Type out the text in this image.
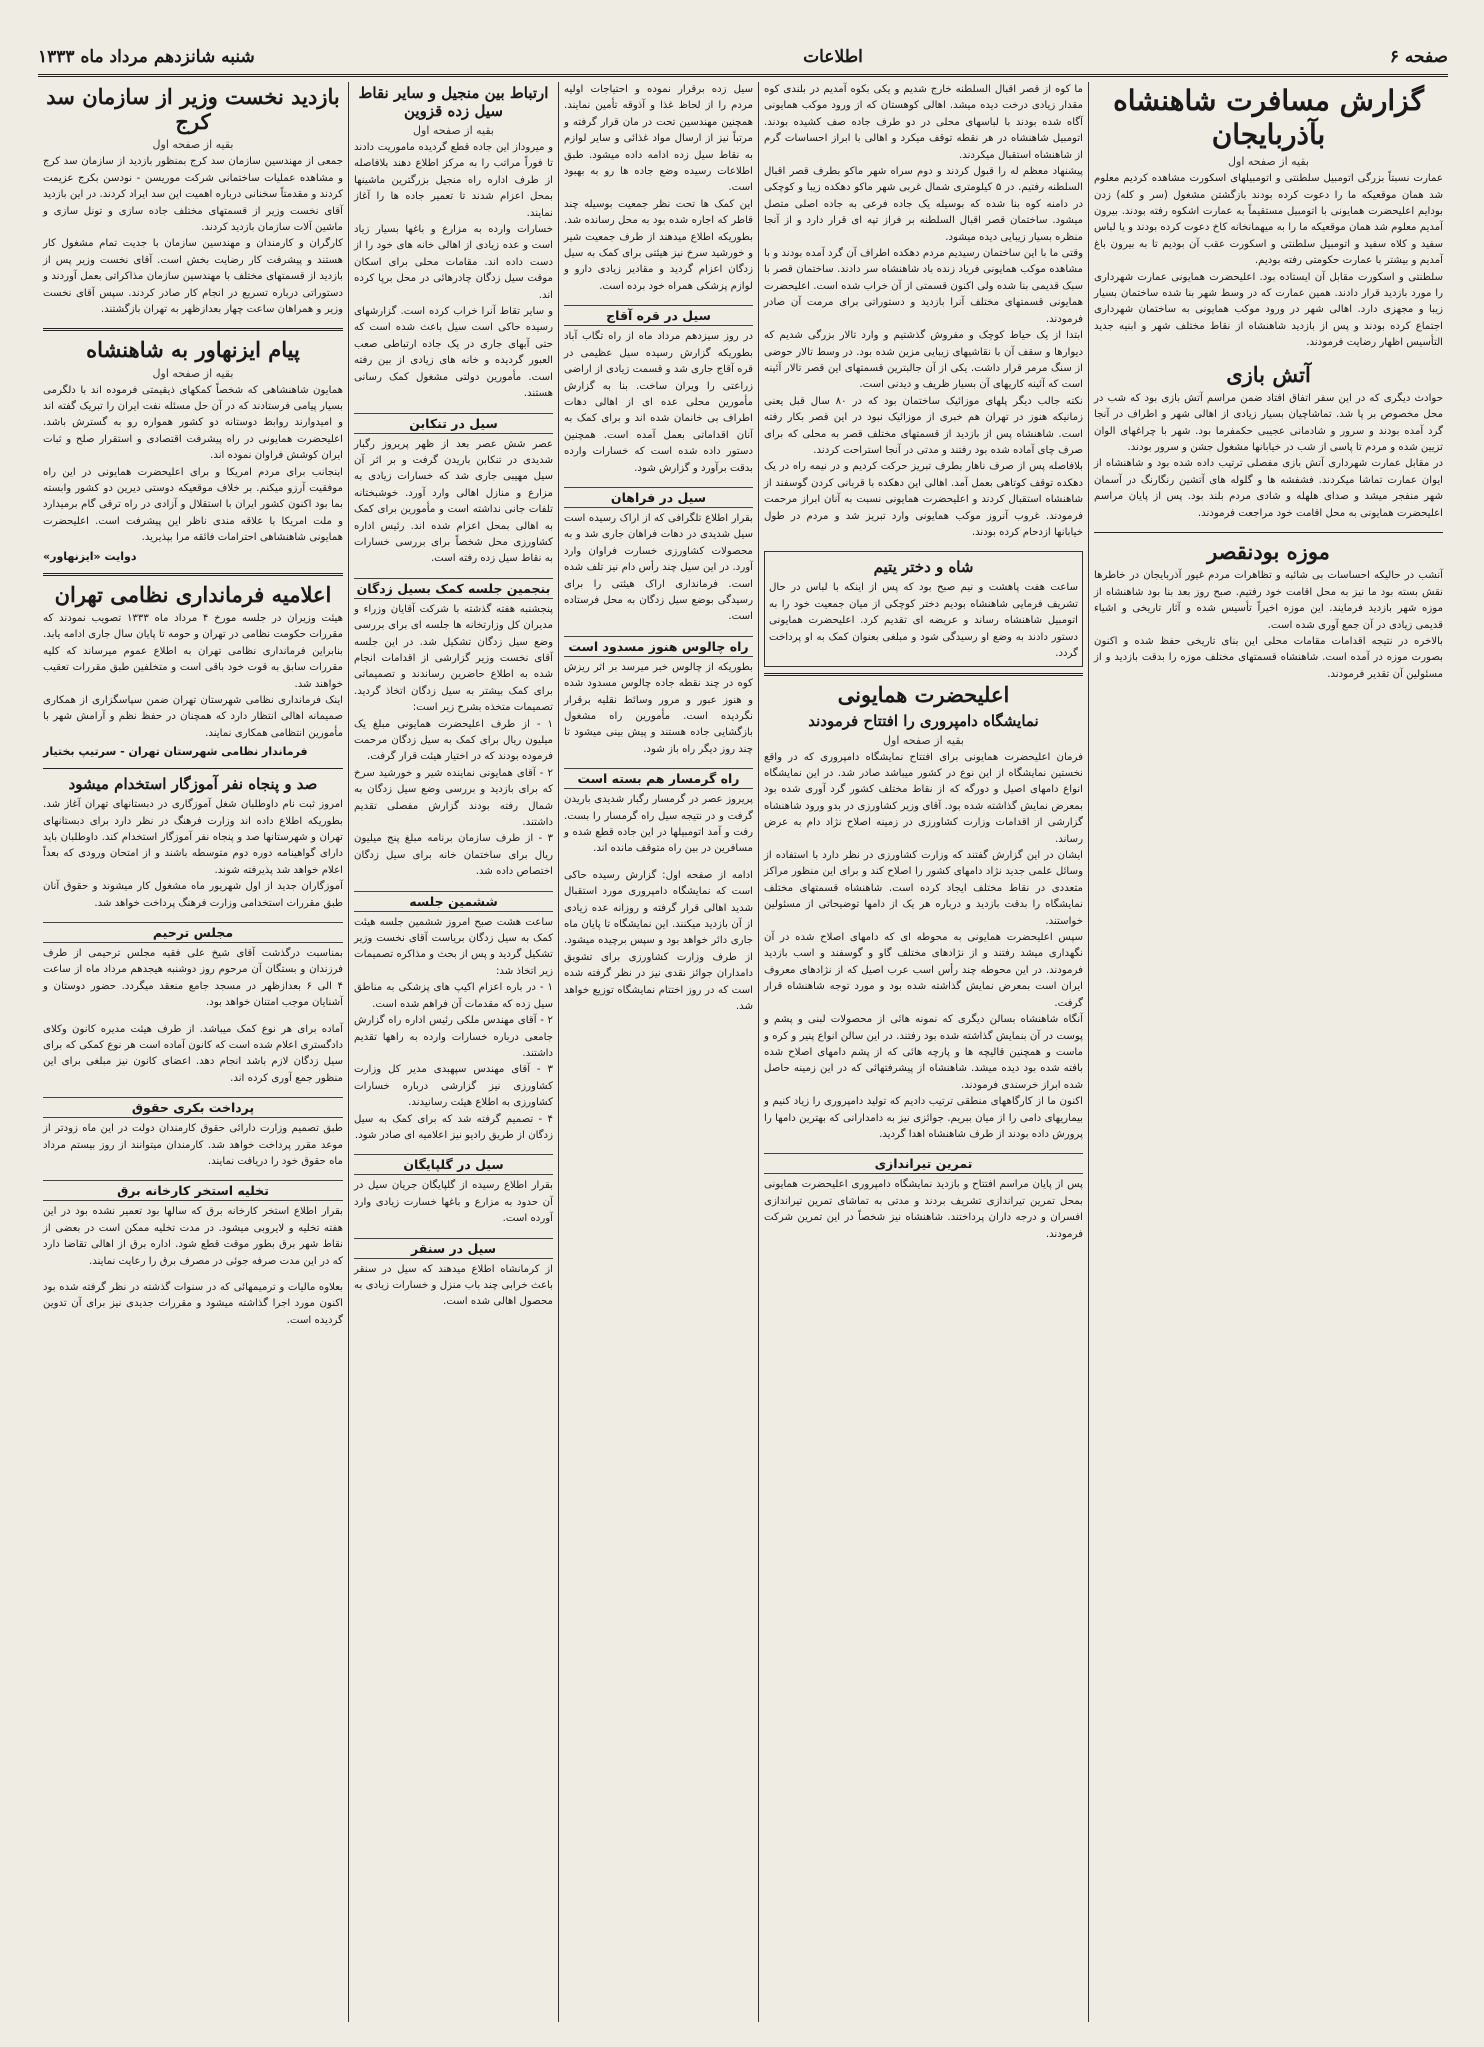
صفحه ۶
اطلاعات
شنبه شانزدهم مرداد ماه ۱۳۳۳
گزارش مسافرت شاهنشاه بآذربایجان
بقیه از صفحه اول

عمارت نسبتاً بزرگی اتومبیل سلطنتی و اتومبیلهای اسکورت مشاهده کردیم معلوم شد همان موقعیکه ما را دعوت کرده بودند بازگشتن مشغول (سر و کله) زدن بودایم اعلیحضرت همایونی با اتومبیل مستقیماً به عمارت اشکوه رفته بودند. بیرون آمدیم معلوم شد همان موقعیکه ما را به میهمانخانه کاخ دعوت کرده بودند و یا لباس سفید و کلاه سفید و اتومبیل سلطنتی و اسکورت عقب آن بودیم تا به بیرون باغ آمدیم و بیشتر با عمارت حکومتی رفته بودیم.

سلطنتی و اسکورت مقابل آن ایستاده بود. اعلیحضرت همایونی عمارت شهرداری را مورد بازدید قرار دادند. همین عمارت که در وسط شهر بنا شده ساختمان بسیار زیبا و مجهزی دارد. اهالی شهر در ورود موکب همایونی به ساختمان شهرداری اجتماع کرده بودند و پس از بازدید شاهنشاه از نقاط مختلف شهر و ابنیه جدید التأسیس اظهار رضایت فرمودند.

آتش بازی

حوادث دیگری که در این سفر اتفاق افتاد ضمن مراسم آتش بازی بود که شب در محل مخصوص بر پا شد. تماشاچیان بسیار زیادی از اهالی شهر و اطراف در آنجا گرد آمده بودند و سرور و شادمانی عجیبی حکمفرما بود. شهر با چراغهای الوان تزیین شده و مردم تا پاسی از شب در خیابانها مشغول جشن و سرور بودند.

در مقابل عمارت شهرداری آتش بازی مفصلی ترتیب داده شده بود و شاهنشاه از ایوان عمارت تماشا میکردند. فشفشه ها و گلوله های آتشین رنگارنگ در آسمان شهر منفجر میشد و صدای هلهله و شادی مردم بلند بود. پس از پایان مراسم اعلیحضرت همایونی به محل اقامت خود مراجعت فرمودند.

موزه بودنقصر

آنشب در حالیکه احساسات بی شائبه و تظاهرات مردم غیور آذربایجان در خاطرها نقش بسته بود ما نیز به محل اقامت خود رفتیم. صبح روز بعد بنا بود شاهنشاه از موزه شهر بازدید فرمایند. این موزه اخیراً تأسیس شده و آثار تاریخی و اشیاء قدیمی زیادی در آن جمع آوری شده است.

بالاخره در نتیجه اقدامات مقامات محلی این بنای تاریخی حفظ شده و اکنون بصورت موزه در آمده است. شاهنشاه قسمتهای مختلف موزه را بدقت بازدید و از مسئولین آن تقدیر فرمودند.

ما کوه از قصر اقبال السلطنه خارج شدیم و یکی بکوه آمدیم در بلندی کوه مقدار زیادی درخت دیده میشد. اهالی کوهستان که از ورود موکب همایونی آگاه شده بودند با لباسهای محلی در دو طرف جاده صف کشیده بودند. اتومبیل شاهنشاه در هر نقطه توقف میکرد و اهالی با ابراز احساسات گرم از شاهنشاه استقبال میکردند.

پیشنهاد معظم له را قبول کردند و دوم سراه شهر ماکو بطرف قصر اقبال السلطنه رفتیم. در ۵ کیلومتری شمال غربی شهر ماکو دهکده زیبا و کوچکی در دامنه کوه بنا شده که بوسیله یک جاده فرعی به جاده اصلی متصل میشود. ساختمان قصر اقبال السلطنه بر فراز تپه ای قرار دارد و از آنجا منظره بسیار زیبایی دیده میشود.

وقتی ما با این ساختمان رسیدیم مردم دهکده اطراف آن گرد آمده بودند و با مشاهده موکب همایونی فریاد زنده باد شاهنشاه سر دادند. ساختمان قصر با سبک قدیمی بنا شده ولی اکنون قسمتی از آن خراب شده است. اعلیحضرت همایونی قسمتهای مختلف آنرا بازدید و دستوراتی برای مرمت آن صادر فرمودند.

ابتدا از یک حیاط کوچک و مفروش گذشتیم و وارد تالار بزرگی شدیم که دیوارها و سقف آن با نقاشیهای زیبایی مزین شده بود. در وسط تالار حوضی از سنگ مرمر قرار داشت. یکی از آن جالبترین قسمتهای این قصر تالار آئینه است که آئینه کاریهای آن بسیار ظریف و دیدنی است.

نکته جالب دیگر پلهای موزائیک ساختمان بود که در ۸۰ سال قبل یعنی زمانیکه هنوز در تهران هم خبری از موزائیک نبود در این قصر بکار رفته است. شاهنشاه پس از بازدید از قسمتهای مختلف قصر به محلی که برای صرف چای آماده شده بود رفتند و مدتی در آنجا استراحت کردند.

بلافاصله پس از صرف ناهار بطرف تبریز حرکت کردیم و در نیمه راه در یک دهکده توقف کوتاهی بعمل آمد. اهالی این دهکده با قربانی کردن گوسفند از شاهنشاه استقبال کردند و اعلیحضرت همایونی نسبت به آنان ابراز مرحمت فرمودند. غروب آنروز موکب همایونی وارد تبریز شد و مردم در طول خیابانها ازدحام کرده بودند.

شاه و دختر یتیم

ساعت هفت پاهشت و نیم صبح بود که پس از اینکه با لباس در حال تشریف فرمایی شاهنشاه بودیم دختر کوچکی از میان جمعیت خود را به اتومبیل شاهنشاه رساند و عریضه ای تقدیم کرد. اعلیحضرت همایونی دستور دادند به وضع او رسیدگی شود و مبلغی بعنوان کمک به او پرداخت گردد.

اعلیحضرت همایونی
نمایشگاه دامپروری را افتتاح فرمودند
بقیه از صفحه اول

فرمان اعلیحضرت همایونی برای افتتاح نمایشگاه دامپروری که در واقع نخستین نمایشگاه از این نوع در کشور میباشد صادر شد. در این نمایشگاه انواع دامهای اصیل و دورگه که از نقاط مختلف کشور گرد آوری شده بود بمعرض نمایش گذاشته شده بود. آقای وزیر کشاورزی در بدو ورود شاهنشاه گزارشی از اقدامات وزارت کشاورزی در زمینه اصلاح نژاد دام به عرض رساند.

ایشان در این گزارش گفتند که وزارت کشاورزی در نظر دارد با استفاده از وسائل علمی جدید نژاد دامهای کشور را اصلاح کند و برای این منظور مراکز متعددی در نقاط مختلف ایجاد کرده است. شاهنشاه قسمتهای مختلف نمایشگاه را بدقت بازدید و درباره هر یک از دامها توضیحاتی از مسئولین خواستند.

سپس اعلیحضرت همایونی به محوطه ای که دامهای اصلاح شده در آن نگهداری میشد رفتند و از نژادهای مختلف گاو و گوسفند و اسب بازدید فرمودند. در این محوطه چند رأس اسب عرب اصیل که از نژادهای معروف ایران است بمعرض نمایش گذاشته شده بود و مورد توجه شاهنشاه قرار گرفت.

آنگاه شاهنشاه بسالن دیگری که نمونه هائی از محصولات لبنی و پشم و پوست در آن بنمایش گذاشته شده بود رفتند. در این سالن انواع پنیر و کره و ماست و همچنین قالیچه ها و پارچه هائی که از پشم دامهای اصلاح شده بافته شده بود دیده میشد. شاهنشاه از پیشرفتهائی که در این زمینه حاصل شده ابراز خرسندی فرمودند.

اکنون ما از کارگاههای منطقی ترتیب دادیم که تولید دامپروری را زیاد کنیم و بیماریهای دامی را از میان ببریم. جوائزی نیز به دامدارانی که بهترین دامها را پرورش داده بودند از طرف شاهنشاه اهدا گردید.

تمرین تیراندازی

پس از پایان مراسم افتتاح و بازدید نمایشگاه دامپروری اعلیحضرت همایونی بمحل تمرین تیراندازی تشریف بردند و مدتی به تماشای تمرین تیراندازی افسران و درجه داران پرداختند. شاهنشاه نیز شخصاً در این تمرین شرکت فرمودند.

سیل زده برقرار نموده و احتیاجات اولیه مردم را از لحاظ غذا و آذوقه تأمین نمایند. همچنین مهندسین تحت در مان قرار گرفته و مرتباً نیز از ارسال مواد غذائی و سایر لوازم به نقاط سیل زده ادامه داده میشود. طبق اطلاعات رسیده وضع جاده ها رو به بهبود است.

این کمک ها تحت نظر جمعیت بوسیله چند قاطر که اجاره شده بود به محل رسانده شد. بطوریکه اطلاع میدهند از طرف جمعیت شیر و خورشید سرخ نیز هیئتی برای کمک به سیل زدگان اعزام گردید و مقادیر زیادی دارو و لوازم پزشکی همراه خود برده است.

سیل در قره آقاج

در روز سیزدهم مرداد ماه از راه تگاب آباد بطوریکه گزارش رسیده سیل عظیمی در قره آقاج جاری شد و قسمت زیادی از اراضی زراعتی را ویران ساخت. بنا به گزارش مأمورین محلی عده ای از اهالی دهات اطراف بی خانمان شده اند و برای کمک به آنان اقداماتی بعمل آمده است. همچنین دستور داده شده است که خسارات وارده بدقت برآورد و گزارش شود.

سیل در فراهان

بقرار اطلاع تلگرافی که از اراک رسیده است سیل شدیدی در دهات فراهان جاری شد و به محصولات کشاورزی خسارت فراوان وارد آورد. در این سیل چند رأس دام نیز تلف شده است. فرمانداری اراک هیئتی را برای رسیدگی بوضع سیل زدگان به محل فرستاده است.

راه چالوس هنوز مسدود است

بطوریکه از چالوس خبر میرسد بر اثر ریزش کوه در چند نقطه جاده چالوس مسدود شده و هنوز عبور و مرور وسائط نقلیه برقرار نگردیده است. مأمورین راه مشغول بازگشایی جاده هستند و پیش بینی میشود تا چند روز دیگر راه باز شود.

راه گرمسار هم بسته است

پریروز عصر در گرمسار رگبار شدیدی باریدن گرفت و در نتیجه سیل راه گرمسار را بست. رفت و آمد اتومبیلها در این جاده قطع شده و مسافرین در بین راه متوقف مانده اند.

ادامه از صفحه اول: گزارش رسیده حاکی است که نمایشگاه دامپروری مورد استقبال شدید اهالی قرار گرفته و روزانه عده زیادی از آن بازدید میکنند. این نمایشگاه تا پایان ماه جاری دائر خواهد بود و سپس برچیده میشود. از طرف وزارت کشاورزی برای تشویق دامداران جوائز نقدی نیز در نظر گرفته شده است که در روز اختتام نمایشگاه توزیع خواهد شد.

ارتباط بین منجیل و سایر نقاط سیل زده قزوین
بقیه از صفحه اول

و میروداز این جاده قطع گردیده ماموریت دادند تا فوراً مراتب را به مرکز اطلاع دهند بلافاصله از طرف اداره راه منجیل بزرگترین ماشینها بمحل اعزام شدند تا تعمیر جاده ها را آغاز نمایند.

خسارات وارده به مزارع و باغها بسیار زیاد است و عده زیادی از اهالی خانه های خود را از دست داده اند. مقامات محلی برای اسکان موقت سیل زدگان چادرهائی در محل برپا کرده اند.

و سایر تقاط آنرا خراب کرده است. گزارشهای رسیده حاکی است سیل باعث شده است که حتی آبهای جاری در یک جاده ارتباطی صعب العبور گردیده و خانه های زیادی از بین رفته است. مأمورین دولتی مشغول کمک رسانی هستند.

سیل در تنکابن

عصر شش عصر بعد از ظهر پریروز رگبار شدیدی در تنکابن باریدن گرفت و بر اثر آن سیل مهیبی جاری شد که خسارات زیادی به مزارع و منازل اهالی وارد آورد. خوشبختانه تلفات جانی نداشته است و مأمورین برای کمک به اهالی بمحل اعزام شده اند. رئیس اداره کشاورزی محل شخصاً برای بررسی خسارات به نقاط سیل زده رفته است.

بنجمین جلسه کمک بسیل زدگان

پنجشنبه هفته گذشته با شرکت آقایان وزراء و مدیران کل وزارتخانه ها جلسه ای برای بررسی وضع سیل زدگان تشکیل شد. در این جلسه آقای نخست وزیر گزارشی از اقدامات انجام شده به اطلاع حاضرین رساندند و تصمیماتی برای کمک بیشتر به سیل زدگان اتخاذ گردید. تصمیمات متخذه بشرح زیر است:

۱ - از طرف اعلیحضرت همایونی مبلغ یک میلیون ریال برای کمک به سیل زدگان مرحمت فرموده بودند که در اختیار هیئت قرار گرفت.

۲ - آقای همایونی نماینده شیر و خورشید سرخ که برای بازدید و بررسی وضع سیل زدگان به شمال رفته بودند گزارش مفصلی تقدیم داشتند.

۳ - از طرف سازمان برنامه مبلغ پنج میلیون ریال برای ساختمان خانه برای سیل زدگان اختصاص داده شد.

ششمین جلسه

ساعت هشت صبح امروز ششمین جلسه هیئت کمک به سیل زدگان بریاست آقای نخست وزیر تشکیل گردید و پس از بحث و مذاکره تصمیمات زیر اتخاذ شد:

۱ - در باره اعزام اکیپ های پزشکی به مناطق سیل زده که مقدمات آن فراهم شده است.

۲ - آقای مهندس ملکی رئیس اداره راه گزارش جامعی درباره خسارات وارده به راهها تقدیم داشتند.

۳ - آقای مهندس سپهبدی مدیر کل وزارت کشاورزی نیز گزارشی درباره خسارات کشاورزی به اطلاع هیئت رسانیدند.

۴ - تصمیم گرفته شد که برای کمک به سیل زدگان از طریق رادیو نیز اعلامیه ای صادر شود.

سیل در گلپایگان

بقرار اطلاع رسیده از گلپایگان جریان سیل در آن حدود به مزارع و باغها خسارت زیادی وارد آورده است.

سیل در سنقر

از کرمانشاه اطلاع میدهند که سیل در سنقر باعث خرابی چند باب منزل و خسارات زیادی به محصول اهالی شده است.

بازدید نخست وزیر از سازمان سد کرج
بقیه از صفحه اول

جمعی از مهندسین سازمان سد کرج بمنظور بازدید از سازمان سد کرج و مشاهده عملیات ساختمانی شرکت موریسن - نودسن بکرج عزیمت کردند و مقدمتاً سخنانی درباره اهمیت این سد ایراد کردند. در این بازدید آقای نخست وزیر از قسمتهای مختلف جاده سازی و تونل سازی و ماشین آلات سازمان بازدید کردند.

کارگران و کارمندان و مهندسین سازمان با جدیت تمام مشغول کار هستند و پیشرفت کار رضایت بخش است. آقای نخست وزیر پس از بازدید از قسمتهای مختلف با مهندسین سازمان مذاکراتی بعمل آوردند و دستوراتی درباره تسریع در انجام کار صادر کردند. سپس آقای نخست وزیر و همراهان ساعت چهار بعدازظهر به تهران بازگشتند.

پیام ایزنهاور به شاهنشاه
بقیه از صفحه اول

همایون شاهنشاهی که شخصاً کمکهای ذیقیمتی فرموده اند با دلگرمی بسیار پیامی فرستادند که در آن حل مسئله نفت ایران را تبریک گفته اند و امیدوارند روابط دوستانه دو کشور همواره رو به گسترش باشد. اعلیحضرت همایونی در راه پیشرفت اقتصادی و استقرار صلح و ثبات ایران کوشش فراوان نموده اند.

اینجانب برای مردم امریکا و برای اعلیحضرت همایونی در این راه موفقیت آرزو میکنم. بر خلاف موقعیکه دوستی دیرین دو کشور وابسته بما بود اکنون کشور ایران با استقلال و آزادی در راه ترقی گام برمیدارد و ملت امریکا با علاقه مندی ناظر این پیشرفت است. اعلیحضرت همایونی شاهنشاهی احترامات فائقه مرا بپذیرید.

دوایت «ایزنهاور»
اعلامیه فرمانداری نظامی تهران

هیئت وزیران در جلسه مورخ ۴ مرداد ماه ۱۳۳۳ تصویب نمودند که مقررات حکومت نظامی در تهران و حومه تا پایان سال جاری ادامه یابد. بنابراین فرمانداری نظامی تهران به اطلاع عموم میرساند که کلیه مقررات سابق به قوت خود باقی است و متخلفین طبق مقررات تعقیب خواهند شد.

اینک فرمانداری نظامی شهرستان تهران ضمن سپاسگزاری از همکاری صمیمانه اهالی انتظار دارد که همچنان در حفظ نظم و آرامش شهر با مأمورین انتظامی همکاری نمایند.

فرماندار نظامی شهرستان تهران - سرتیپ بختیار
صد و پنجاه نفر آموزگار استخدام میشود

امروز ثبت نام داوطلبان شغل آموزگاری در دبستانهای تهران آغاز شد. بطوریکه اطلاع داده اند وزارت فرهنگ در نظر دارد برای دبستانهای تهران و شهرستانها صد و پنجاه نفر آموزگار استخدام کند. داوطلبان باید دارای گواهینامه دوره دوم متوسطه باشند و از امتحان ورودی که بعداً اعلام خواهد شد پذیرفته شوند.

آموزگاران جدید از اول شهریور ماه مشغول کار میشوند و حقوق آنان طبق مقررات استخدامی وزارت فرهنگ پرداخت خواهد شد.

مجلس ترحیم

بمناسبت درگذشت آقای شیخ علی فقیه مجلس ترحیمی از طرف فرزندان و بستگان آن مرحوم روز دوشنبه هیجدهم مرداد ماه از ساعت ۴ الی ۶ بعدازظهر در مسجد جامع منعقد میگردد. حضور دوستان و آشنایان موجب امتنان خواهد بود.

آماده برای هر نوع کمک میباشد. از طرف هیئت مدیره کانون وکلای دادگستری اعلام شده است که کانون آماده است هر نوع کمکی که برای سیل زدگان لازم باشد انجام دهد. اعضای کانون نیز مبلغی برای این منظور جمع آوری کرده اند.

پرداخت بکری حقوق

طبق تصمیم وزارت دارائی حقوق کارمندان دولت در این ماه زودتر از موعد مقرر پرداخت خواهد شد. کارمندان میتوانند از روز بیستم مرداد ماه حقوق خود را دریافت نمایند.

تخلیه استخر کارخانه برق

بقرار اطلاع استخر کارخانه برق که سالها بود تعمیر نشده بود در این هفته تخلیه و لایروبی میشود. در مدت تخلیه ممکن است در بعضی از نقاط شهر برق بطور موقت قطع شود. اداره برق از اهالی تقاضا دارد که در این مدت صرفه جوئی در مصرف برق را رعایت نمایند.

بعلاوه مالیات و ترمیمهائی که در سنوات گذشته در نظر گرفته شده بود اکنون مورد اجرا گذاشته میشود و مقررات جدیدی نیز برای آن تدوین گردیده است.
